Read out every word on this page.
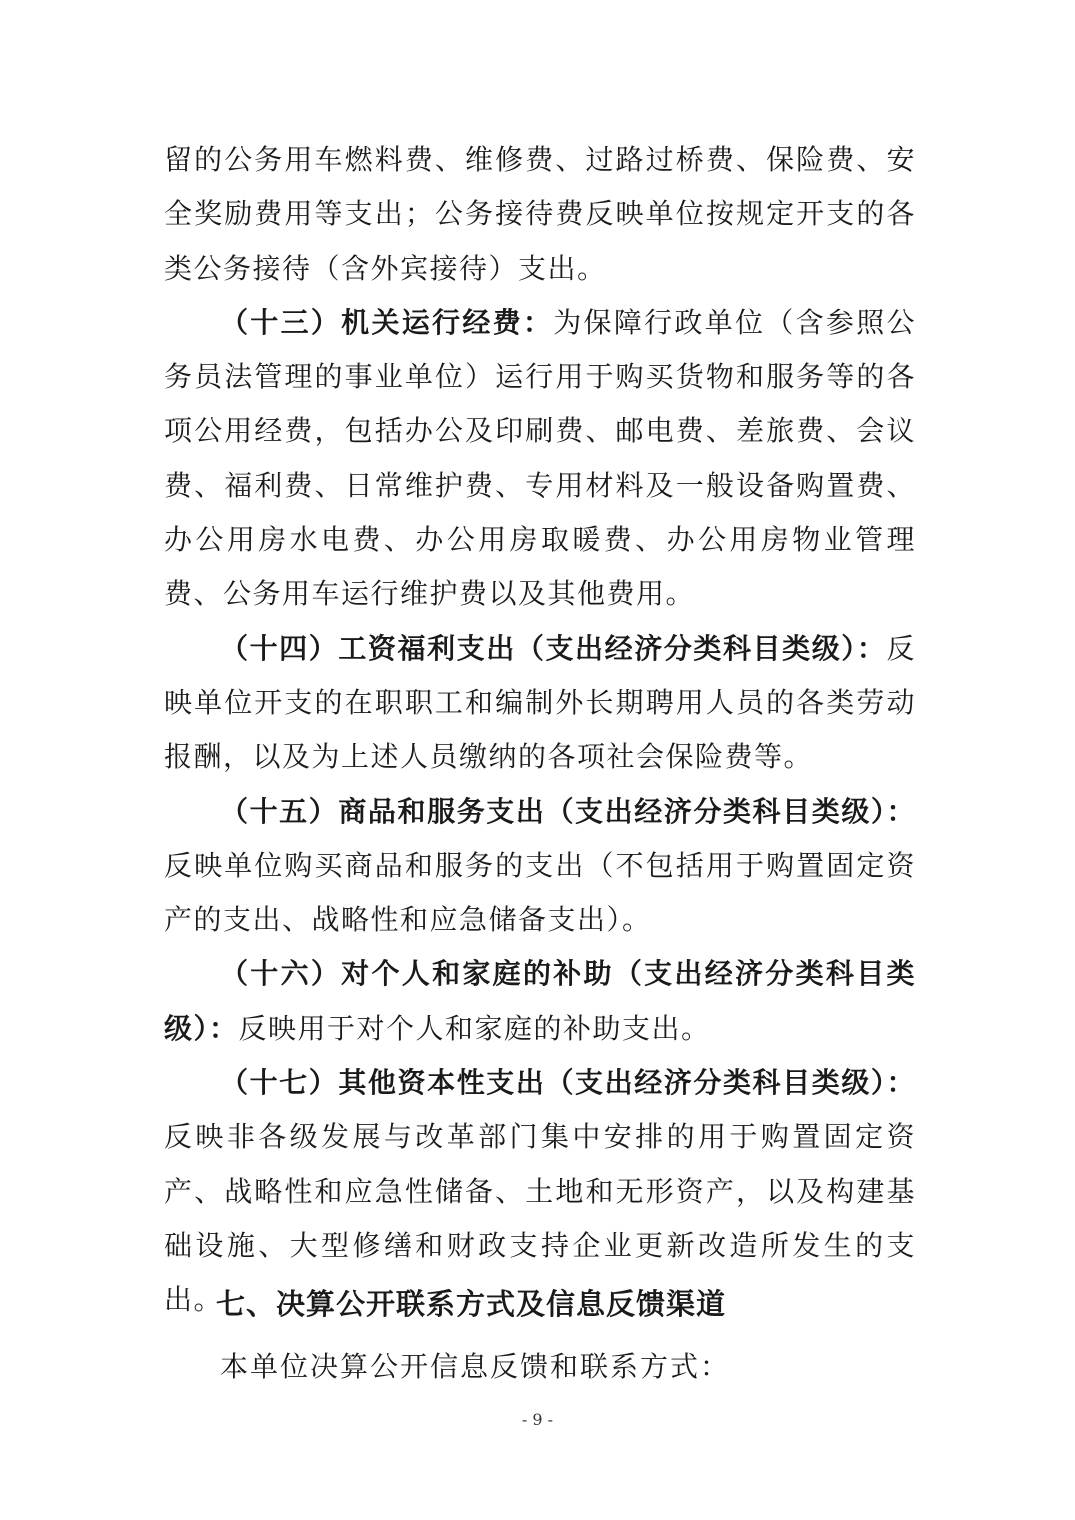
留的公务用车燃料费、维修费、过路过桥费、保险费、安全奖励费用等支出；公务接待费反映单位按规定开支的各类公务接待（含外宾接待）支出。

（十三）机关运行经费：为保障行政单位（含参照公务员法管理的事业单位）运行用于购买货物和服务等的各项公用经费，包括办公及印刷费、邮电费、差旅费、会议费、福利费、日常维护费、专用材料及一般设备购置费、办公用房水电费、办公用房取暖费、办公用房物业管理费、公务用车运行维护费以及其他费用。

（十四）工资福利支出（支出经济分类科目类级）：反映单位开支的在职职工和编制外长期聘用人员的各类劳动报酬，以及为上述人员缴纳的各项社会保险费等。

（十五）商品和服务支出（支出经济分类科目类级）：反映单位购买商品和服务的支出（不包括用于购置固定资产的支出、战略性和应急储备支出）。

（十六）对个人和家庭的补助（支出经济分类科目类级）：反映用于对个人和家庭的补助支出。

（十七）其他资本性支出（支出经济分类科目类级）：反映非各级发展与改革部门集中安排的用于购置固定资产、战略性和应急性储备、土地和无形资产，以及构建基础设施、大型修缮和财政支持企业更新改造所发生的支出。

七、决算公开联系方式及信息反馈渠道
本单位决算公开信息反馈和联系方式：
- 9 -
